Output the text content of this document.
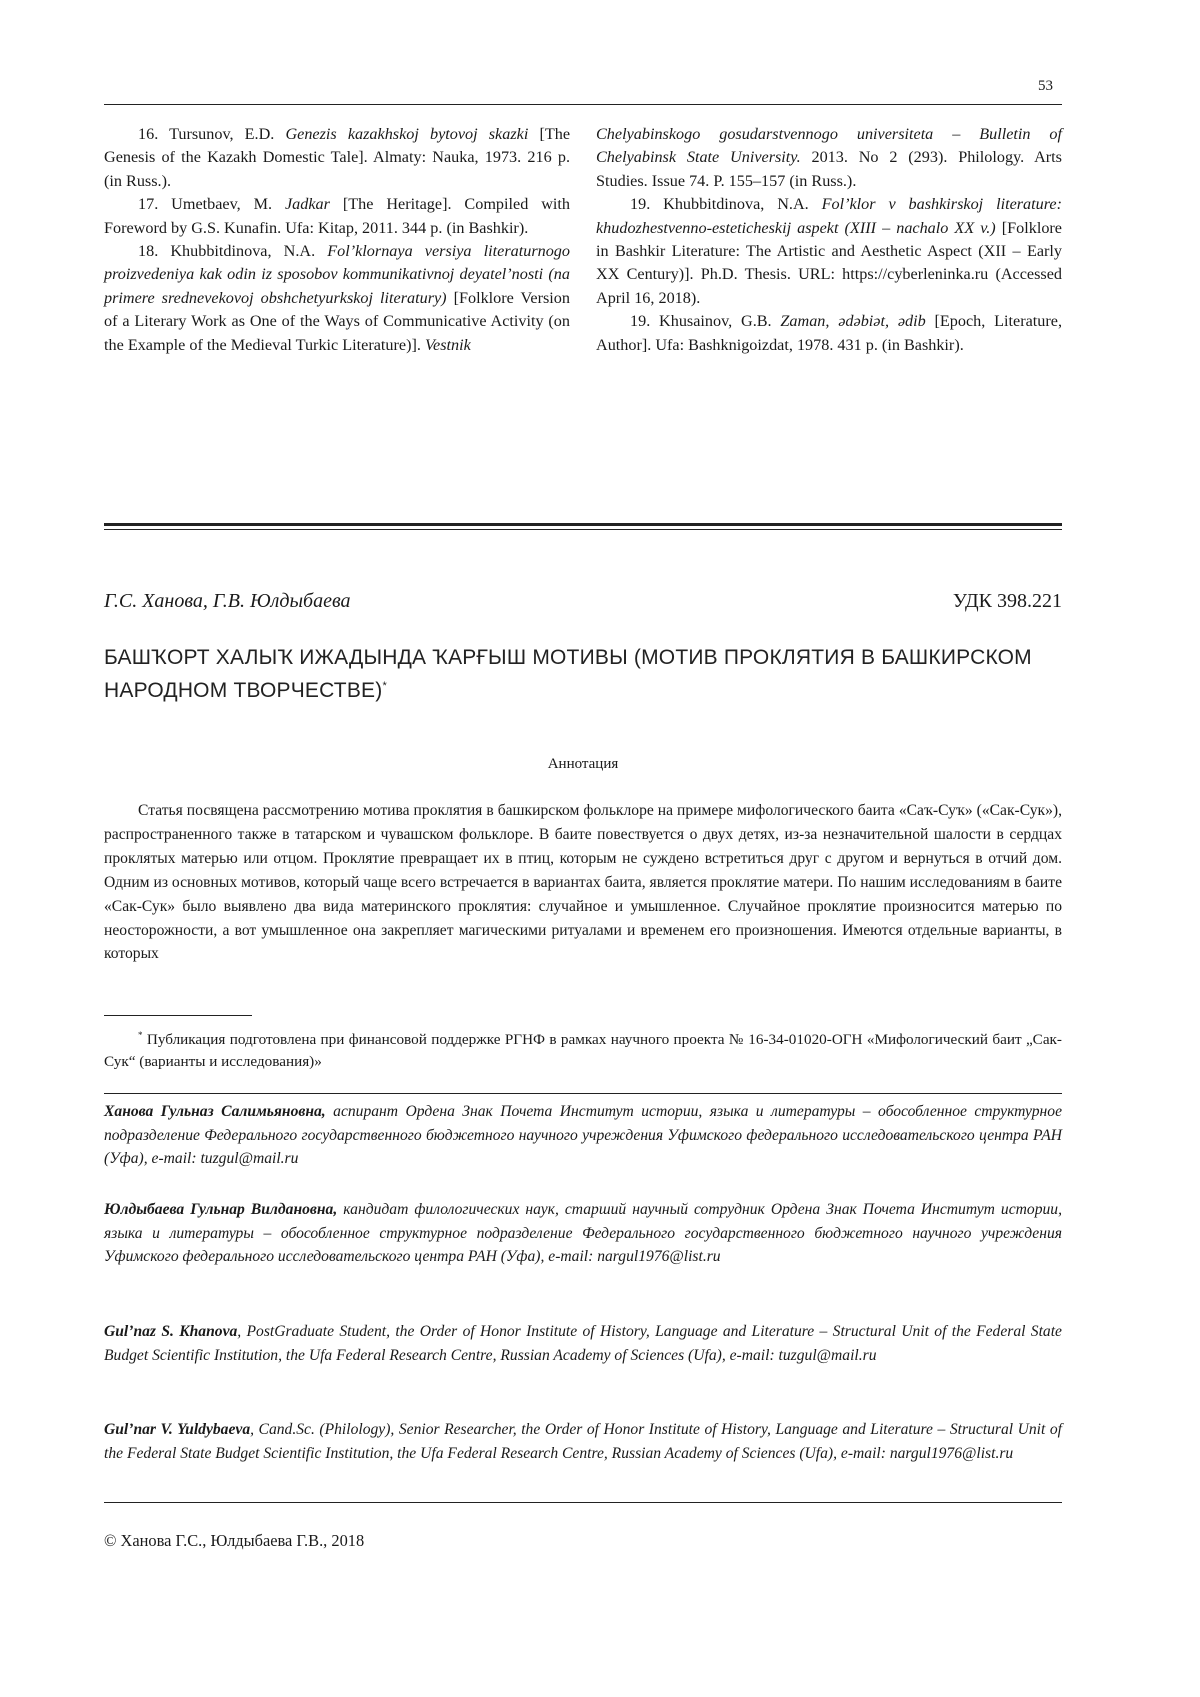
53

16. Tursunov, E.D. Genezis kazakhskoj bytovoj skazki [The Genesis of the Kazakh Domestic Tale]. Almaty: Nauka, 1973. 216 p. (in Russ.).

17. Umetbaev, M. Jadkar [The Heritage]. Compiled with Foreword by G.S. Kunafin. Ufa: Kitap, 2011. 344 p. (in Bashkir).

18. Khubbitdinova, N.A. Fol’klornaya versiya literaturnogo proizvedeniya kak odin iz sposobov kommunikativnoj deyatel’nosti (na primere srednevekovoj obshchetyurkskoj literatury) [Folklore Version of a Literary Work as One of the Ways of Communicative Activity (on the Example of the Medieval Turkic Literature)]. Vestnik

Chelyabinskogo gosudarstvennogo universiteta – Bulletin of Chelyabinsk State University. 2013. No 2 (293). Philology. Arts Studies. Issue 74. P. 155–157 (in Russ.).

19. Khubbitdinova, N.A. Fol’klor v bashkirskoj literature: khudozhestvenno-esteticheskij aspekt (XIII – nachalo XX v.) [Folklore in Bashkir Literature: The Artistic and Aesthetic Aspect (XII – Early XX Century)]. Ph.D. Thesis. URL: https://cyberleninka.ru (Accessed April 16, 2018).

19. Khusainov, G.B. Zaman, ədəbiət, ədib [Epoch, Literature, Author]. Ufa: Bashknigoizdat, 1978. 431 p. (in Bashkir).

Г.С. Ханова, Г.В. Юлдыбаева	УДК 398.221
БАШҠОРТ ХАЛЫҠ ИЖАДЫНДА ҠАРҒЫШ МОТИВЫ (МОТИВ ПРОКЛЯТИЯ В БАШКИРСКОМ НАРОДНОМ ТВОРЧЕСТВЕ)*
Аннотация

Статья посвящена рассмотрению мотива проклятия в башкирском фольклоре на примере мифологического баита «Саҡ-Суҡ» («Сак-Сук»), распространенного также в татарском и чувашском фольклоре. В баите повествуется о двух детях, из-за незначительной шалости в сердцах проклятых матерью или отцом. Проклятие превращает их в птиц, которым не суждено встретиться друг с другом и вернуться в отчий дом. Одним из основных мотивов, который чаще всего встречается в вариантах баита, является проклятие матери. По нашим исследованиям в баите «Сак-Сук» было выявлено два вида материнского проклятия: случайное и умышленное. Случайное проклятие произносится матерью по неосторожности, а вот умышленное она закрепляет магическими ритуалами и временем его произношения. Имеются отдельные варианты, в которых

* Публикация подготовлена при финансовой поддержке РГНФ в рамках научного проекта № 16-34-01020-ОГН «Мифологический баит „Сак-Сук“ (варианты и исследования)»

Ханова Гульназ Салимьяновна, аспирант Ордена Знак Почета Институт истории, языка и литературы – обособленное структурное подразделение Федерального государственного бюджетного научного учреждения Уфимского федерального исследовательского центра РАН (Уфа), e-mail: tuzgul@mail.ru

Юлдыбаева Гульнар Вилдановна, кандидат филологических наук, старший научный сотрудник Ордена Знак Почета Институт истории, языка и литературы – обособленное структурное подразделение Федерального государственного бюджетного научного учреждения Уфимского федерального исследовательского центра РАН (Уфа), e-mail: nargul1976@list.ru

Gul’naz S. Khanova, PostGraduate Student, the Order of Honor Institute of History, Language and Literature – Structural Unit of the Federal State Budget Scientific Institution, the Ufa Federal Research Centre, Russian Academy of Sciences (Ufa), e-mail: tuzgul@mail.ru

Gul’nar V. Yuldybaeva, Cand.Sc. (Philology), Senior Researcher, the Order of Honor Institute of History, Language and Literature – Structural Unit of the Federal State Budget Scientific Institution, the Ufa Federal Research Centre, Russian Academy of Sciences (Ufa), e-mail: nargul1976@list.ru

© Ханова Г.С., Юлдыбаева Г.В., 2018
